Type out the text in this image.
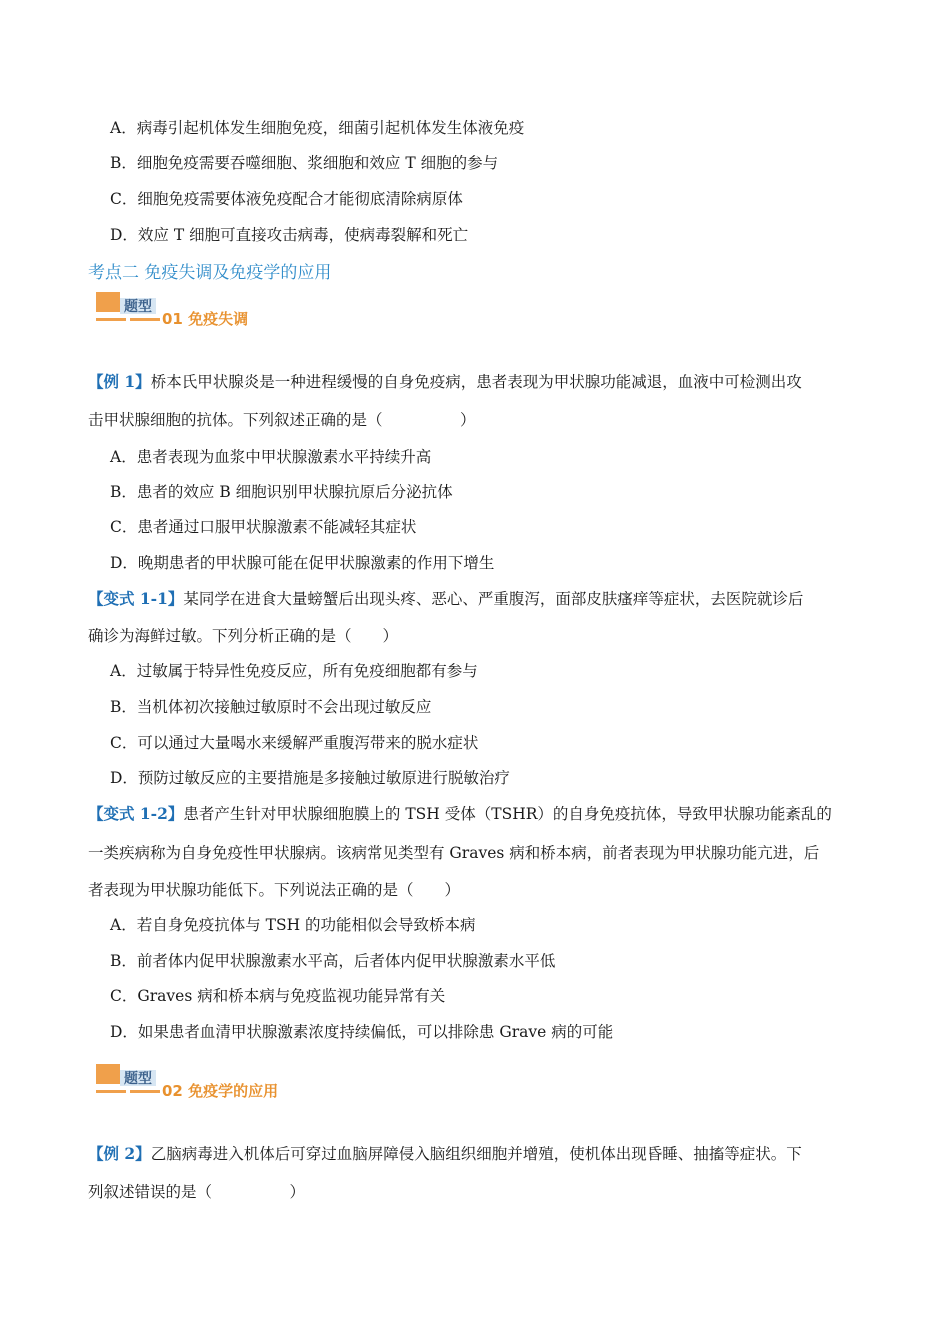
A．病毒引起机体发生细胞免疫，细菌引起机体发生体液免疫
B．细胞免疫需要吞噬细胞、浆细胞和效应 T 细胞的参与
C．细胞免疫需要体液免疫配合才能彻底清除病原体
D．效应 T 细胞可直接攻击病毒，使病毒裂解和死亡
考点二 免疫失调及免疫学的应用
题型
01 免疫失调
【例 1】桥本氏甲状腺炎是一种进程缓慢的自身免疫病，患者表现为甲状腺功能减退，血液中可检测出攻
击甲状腺细胞的抗体。下列叙述正确的是（　　　　　）
A．患者表现为血浆中甲状腺激素水平持续升高
B．患者的效应 B 细胞识别甲状腺抗原后分泌抗体
C．患者通过口服甲状腺激素不能减轻其症状
D．晚期患者的甲状腺可能在促甲状腺激素的作用下增生
【变式 1-1】某同学在进食大量螃蟹后出现头疼、恶心、严重腹泻，面部皮肤瘙痒等症状，去医院就诊后
确诊为海鲜过敏。下列分析正确的是（　　）
A．过敏属于特异性免疫反应，所有免疫细胞都有参与
B．当机体初次接触过敏原时不会出现过敏反应
C．可以通过大量喝水来缓解严重腹泻带来的脱水症状
D．预防过敏反应的主要措施是多接触过敏原进行脱敏治疗
【变式 1-2】患者产生针对甲状腺细胞膜上的 TSH 受体（TSHR）的自身免疫抗体，导致甲状腺功能紊乱的
一类疾病称为自身免疫性甲状腺病。该病常见类型有 Graves 病和桥本病，前者表现为甲状腺功能亢进，后
者表现为甲状腺功能低下。下列说法正确的是（　　）
A．若自身免疫抗体与 TSH 的功能相似会导致桥本病
B．前者体内促甲状腺激素水平高，后者体内促甲状腺激素水平低
C．Graves 病和桥本病与免疫监视功能异常有关
D．如果患者血清甲状腺激素浓度持续偏低，可以排除患 Grave 病的可能
题型
02 免疫学的应用
【例 2】乙脑病毒进入机体后可穿过血脑屏障侵入脑组织细胞并增殖，使机体出现昏睡、抽搐等症状。下
列叙述错误的是（　　　　　）
